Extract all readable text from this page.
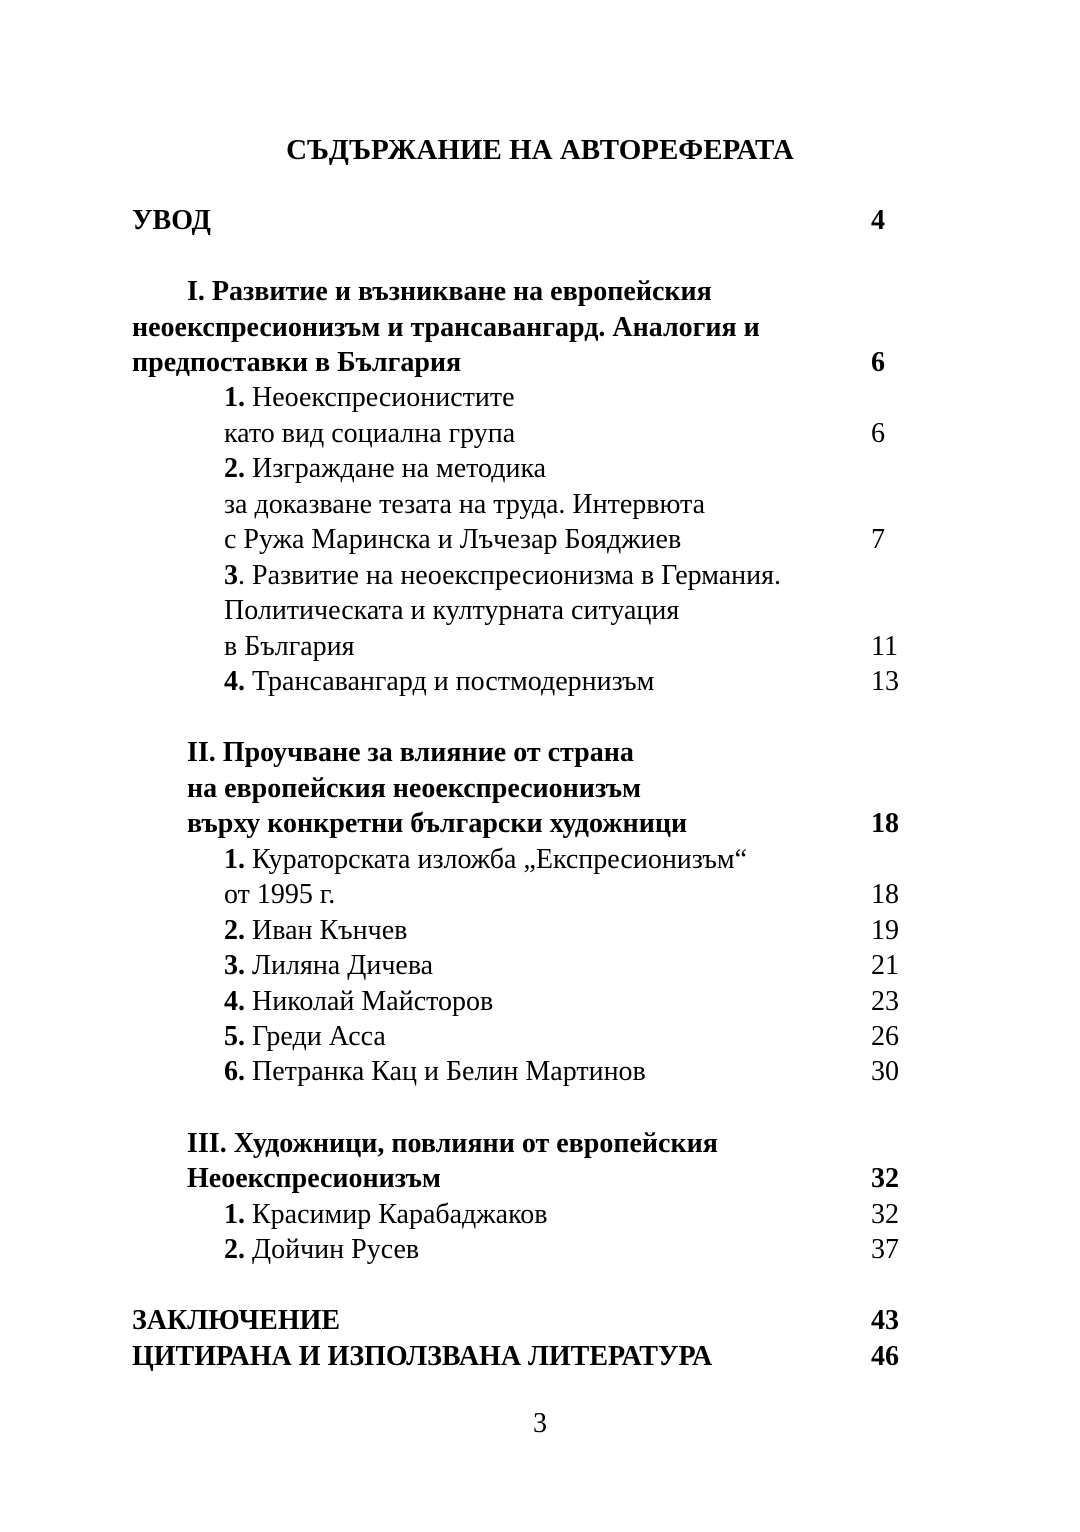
СЪДЪРЖАНИЕ НА АВТОРЕФЕРАТА
УВОД	4
I. Развитие и възникване на европейския
неоекспресионизъм и трансавангард. Аналогия и
предпоставки в България	6
1. Неоекспресионистите
като вид социална група	6
2. Изграждане на методика
за доказване тезата на труда. Интервюта
с Ружа Маринска и Лъчезар Бояджиев	7
3. Развитие на неоекспресионизма в Германия.
Политическата и културната ситуация
в България	11
4. Трансавангард и постмодернизъм	13
II. Проучване за влияние от страна
на европейския неоекспресионизъм
върху конкретни български художници	18
1. Кураторската изложба „Експресионизъм“
от 1995 г.	18
2. Иван Кънчев	19
3. Лиляна Дичева	21
4. Николай Майсторов	23
5. Греди Асса	26
6. Петранка Кац и Белин Мартинов	30
III. Художници, повлияни от европейския
Неоекспресионизъм	32
1. Красимир Карабаджаков	32
2. Дойчин Русев	37
ЗАКЛЮЧЕНИЕ	43
ЦИТИРАНА И ИЗПОЛЗВАНА ЛИТЕРАТУРА	46
3
